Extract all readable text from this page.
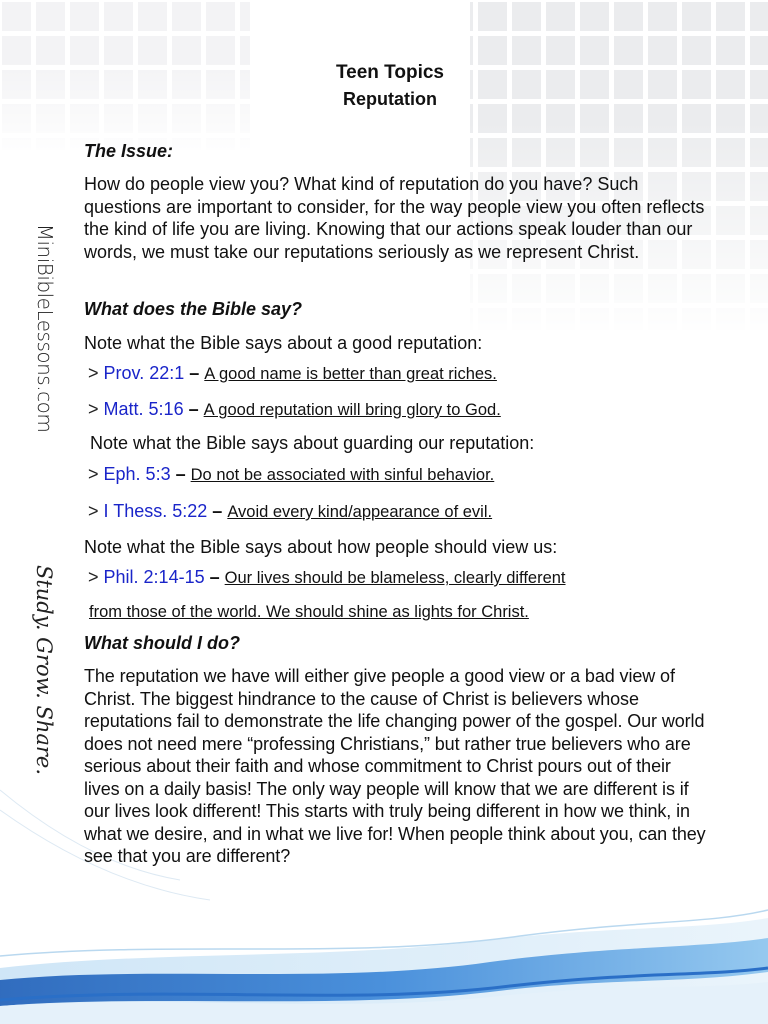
MiniBibleLessons.com
Study. Grow. Share.
Teen Topics
Reputation
The Issue:
How do people view you? What kind of reputation do you have? Such questions are important to consider, for the way people view you often reflects the kind of life you are living. Knowing that our actions speak louder than our words, we must take our reputations seriously as we represent Christ.
What does the Bible say?
Note what the Bible says about a good reputation:
> Prov. 22:1 – A good name is better than great riches.
> Matt. 5:16 – A good reputation will bring glory to God.
Note what the Bible says about guarding our reputation:
> Eph. 5:3 – Do not be associated with sinful behavior.
> I Thess. 5:22 – Avoid every kind/appearance of evil.
Note what the Bible says about how people should view us:
> Phil. 2:14-15 – Our lives should be blameless, clearly different
from those of the world. We should shine as lights for Christ.
What should I do?
The reputation we have will either give people a good view or a bad view of Christ. The biggest hindrance to the cause of Christ is believers whose reputations fail to demonstrate the life changing power of the gospel. Our world does not need mere “professing Christians,” but rather true believers who are serious about their faith and whose commitment to Christ pours out of their lives on a daily basis! The only way people will know that we are different is if our lives look different! This starts with truly being different in how we think, in what we desire, and in what we live for! When people think about you, can they see that you are different?
